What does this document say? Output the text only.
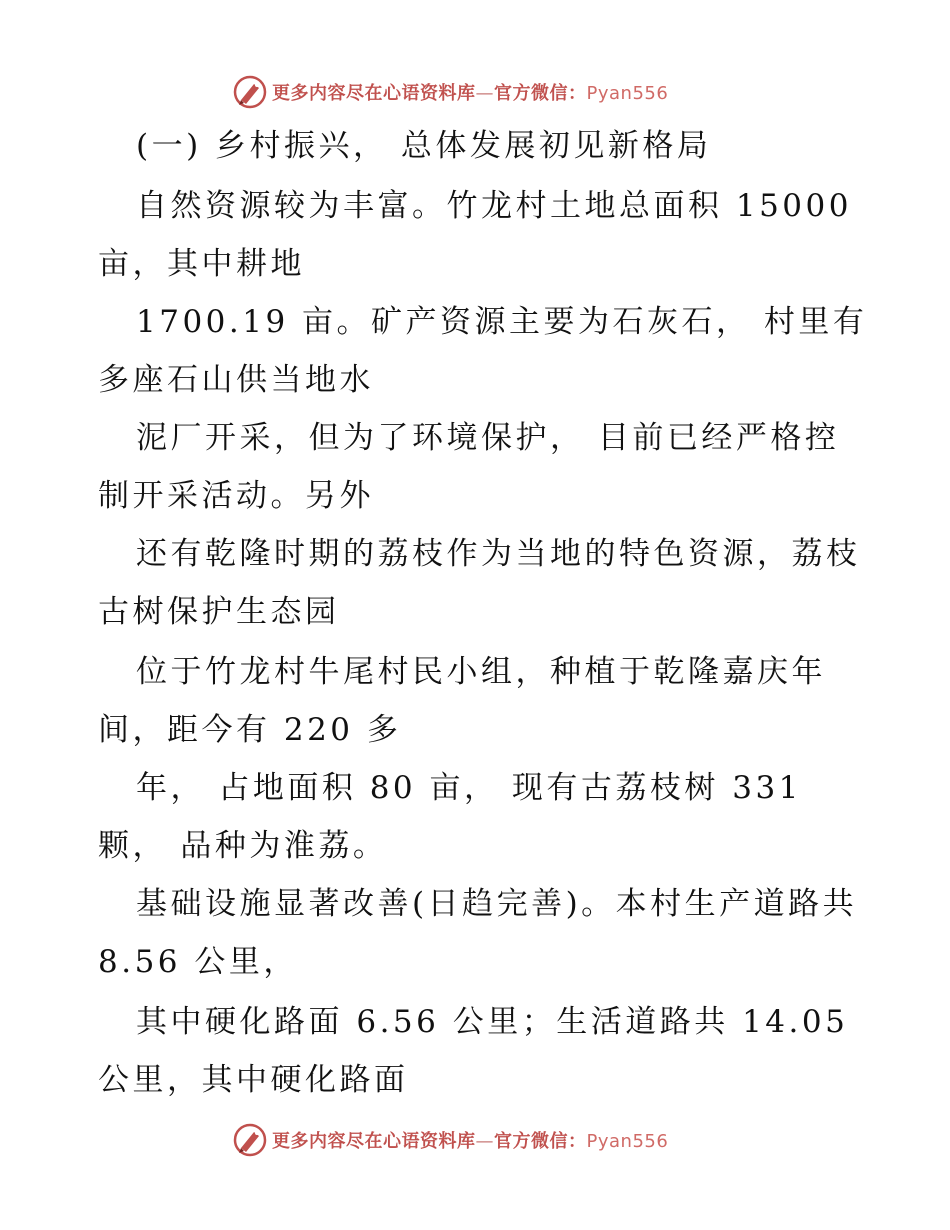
更多内容尽在心语资料库—官方微信：Pyan556
(一) 乡村振兴， 总体发展初见新格局
自然资源较为丰富。竹龙村土地总面积 15000
亩，其中耕地
1700.19 亩。矿产资源主要为石灰石， 村里有
多座石山供当地水
泥厂开采，但为了环境保护， 目前已经严格控
制开采活动。另外
还有乾隆时期的荔枝作为当地的特色资源，荔枝
古树保护生态园
位于竹龙村牛尾村民小组，种植于乾隆嘉庆年
间，距今有 220 多
年， 占地面积 80 亩， 现有古荔枝树 331
颗， 品种为淮荔。
基础设施显著改善(日趋完善)。本村生产道路共
8.56 公里，
其中硬化路面 6.56 公里；生活道路共 14.05
公里，其中硬化路面
更多内容尽在心语资料库—官方微信：Pyan556
